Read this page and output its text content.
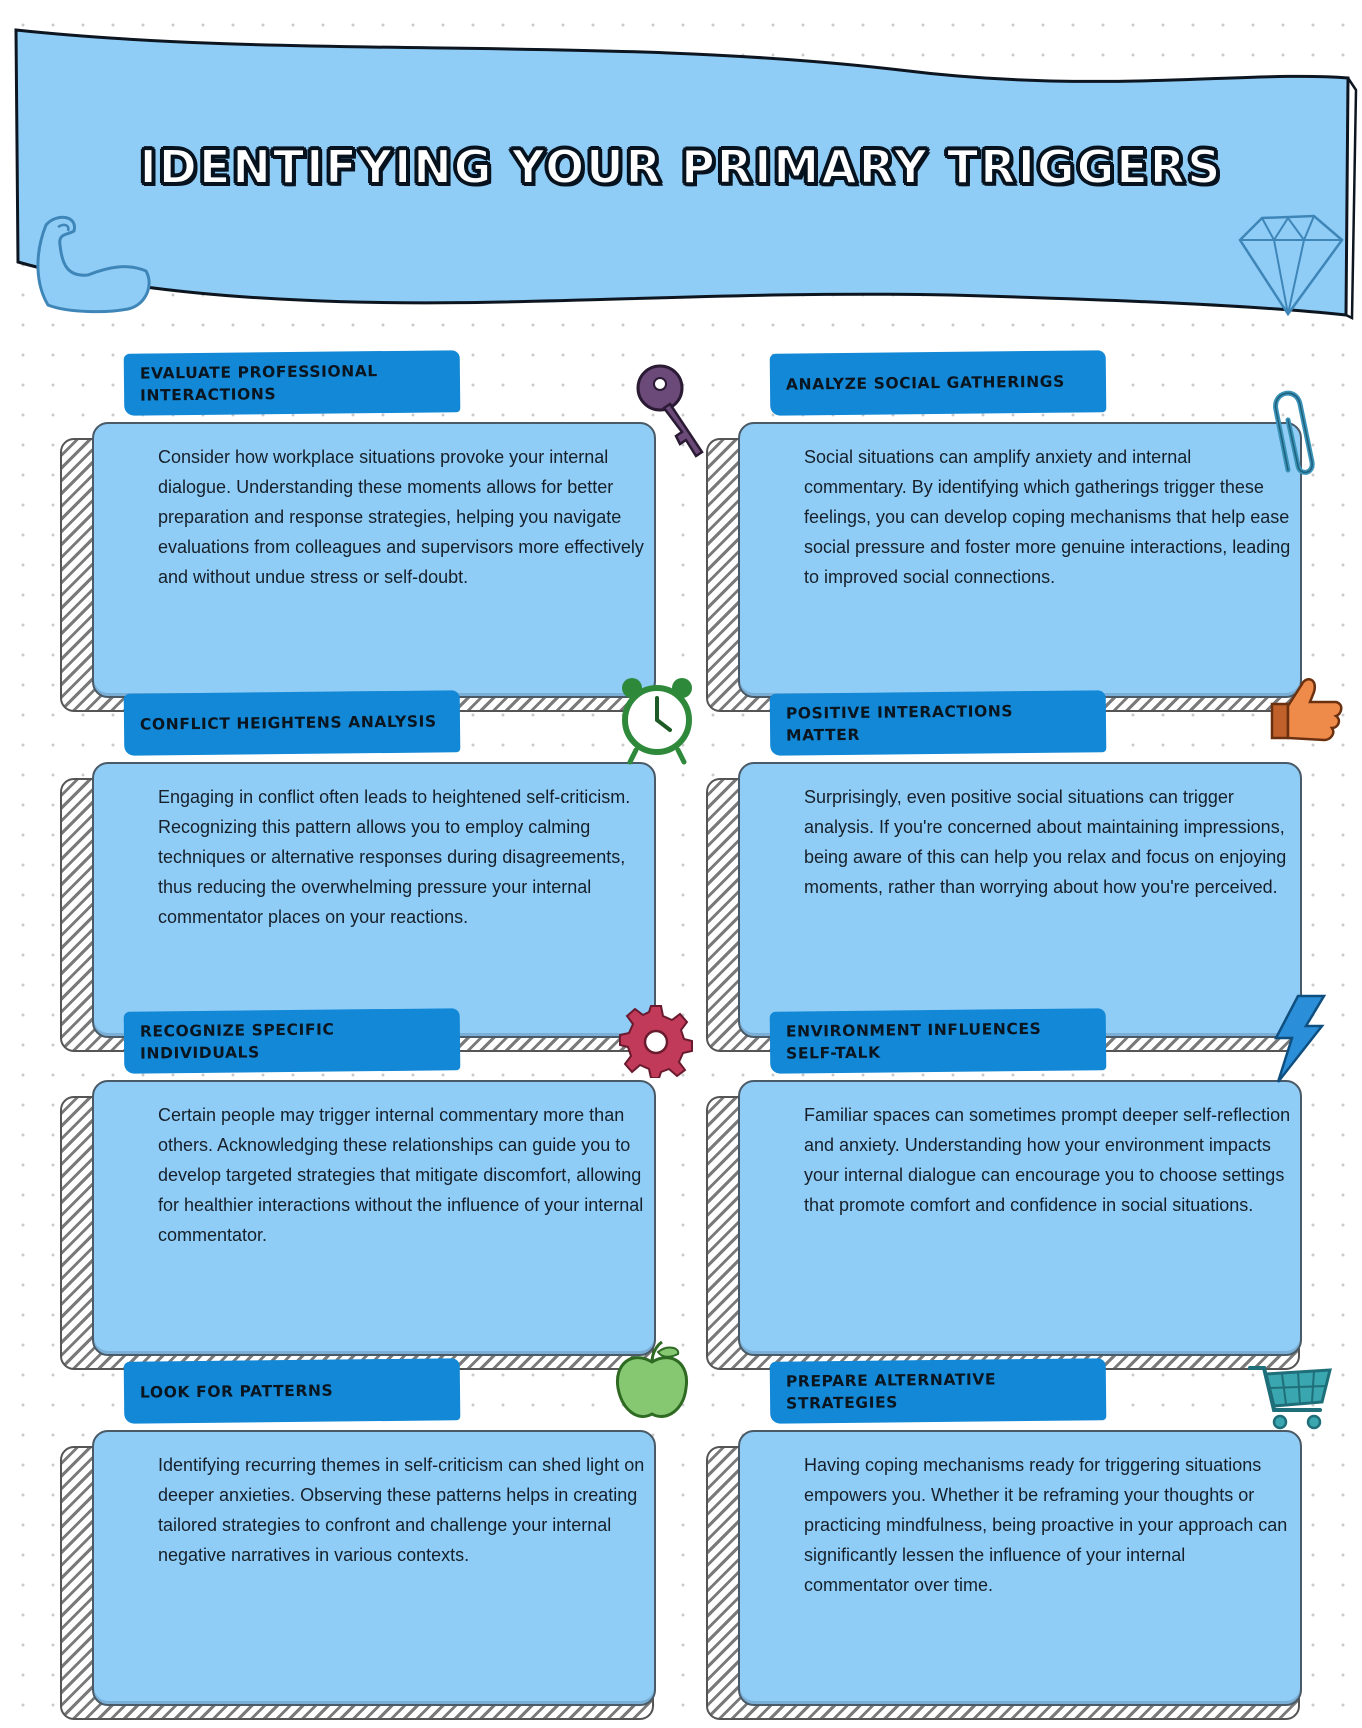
IDENTIFYING YOUR PRIMARY TRIGGERS
Consider how workplace situations provoke your internal dialogue. Understanding these moments allows for better preparation and response strategies, helping you navigate evaluations from colleagues and supervisors more effectively and without undue stress or self-doubt.
EVALUATE PROFESSIONAL INTERACTIONS
Social situations can amplify anxiety and internal commentary. By identifying which gatherings trigger these feelings, you can develop coping mechanisms that help ease social pressure and foster more genuine interactions, leading to improved social connections.
ANALYZE SOCIAL GATHERINGS
Engaging in conflict often leads to heightened self-criticism. Recognizing this pattern allows you to employ calming techniques or alternative responses during disagreements, thus reducing the overwhelming pressure your internal commentator places on your reactions.
CONFLICT HEIGHTENS ANALYSIS
Surprisingly, even positive social situations can trigger analysis. If you're concerned about maintaining impressions, being aware of this can help you relax and focus on enjoying moments, rather than worrying about how you're perceived.
POSITIVE INTERACTIONS MATTER
Certain people may trigger internal commentary more than others. Acknowledging these relationships can guide you to develop targeted strategies that mitigate discomfort, allowing for healthier interactions without the influence of your internal commentator.
RECOGNIZE SPECIFIC INDIVIDUALS
Familiar spaces can sometimes prompt deeper self-reflection and anxiety. Understanding how your environment impacts your internal dialogue can encourage you to choose settings that promote comfort and confidence in social situations.
ENVIRONMENT INFLUENCES SELF-TALK
Identifying recurring themes in self-criticism can shed light on deeper anxieties. Observing these patterns helps in creating tailored strategies to confront and challenge your internal negative narratives in various contexts.
LOOK FOR PATTERNS
Having coping mechanisms ready for triggering situations empowers you. Whether it be reframing your thoughts or practicing mindfulness, being proactive in your approach can significantly lessen the influence of your internal commentator over time.
PREPARE ALTERNATIVE STRATEGIES
